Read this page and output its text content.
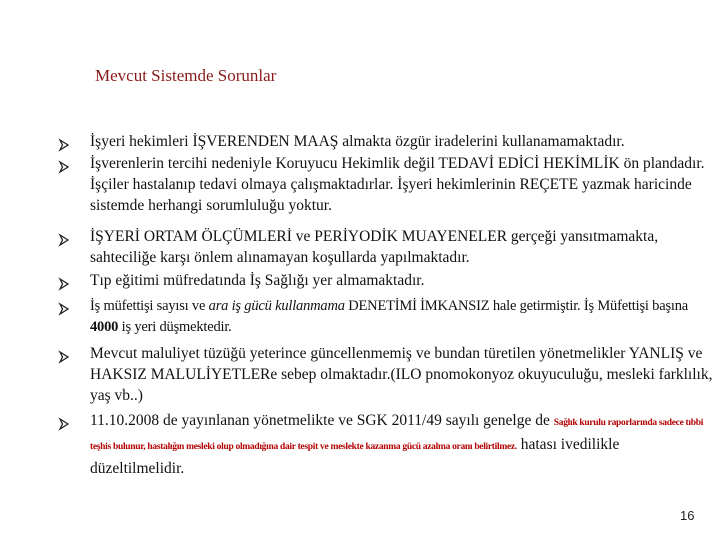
Mevcut Sistemde Sorunlar
İşyeri hekimleri İŞVERENDEN MAAŞ almakta özgür iradelerini kullanamamaktadır.
İşverenlerin tercihi nedeniyle Koruyucu Hekimlik değil TEDAVİ EDİCİ HEKİMLİK ön plandadır. İşçiler hastalanıp tedavi olmaya çalışmaktadırlar. İşyeri hekimlerinin REÇETE yazmak haricinde sistemde herhangi sorumluluğu yoktur.
İŞYERİ ORTAM ÖLÇÜMLERİ ve PERİYODİK MUAYENELER gerçeği yansıtmamakta, sahteciliğe karşı önlem alınamayan koşullarda yapılmaktadır.
Tıp eğitimi müfredatında İş Sağlığı yer almamaktadır.
İş müfettişi sayısı ve ara iş gücü kullanmama DENETİMİ İMKANSIZ hale getirmiştir. İş Müfettişi başına 4000 iş yeri düşmektedir.
Mevcut maluliyet tüzüğü yeterince güncellenmemiş ve bundan türetilen yönetmelikler YANLIŞ ve HAKSIZ MALULİYETLERe sebep olmaktadır.(ILO pnomokonyoz okuyuculuğu, mesleki farklılık, yaş vb..)
11.10.2008 de yayınlanan yönetmelikte ve SGK 2011/49 sayılı genelge de Sağlık kurulu raporlarında sadece tıbbi teşhis bulunur, hastalığın mesleki olup olmadığına dair tespit ve meslekte kazanma gücü azalma oranı belirtilmez. hatası ivedilikle düzeltilmelidir.
16
